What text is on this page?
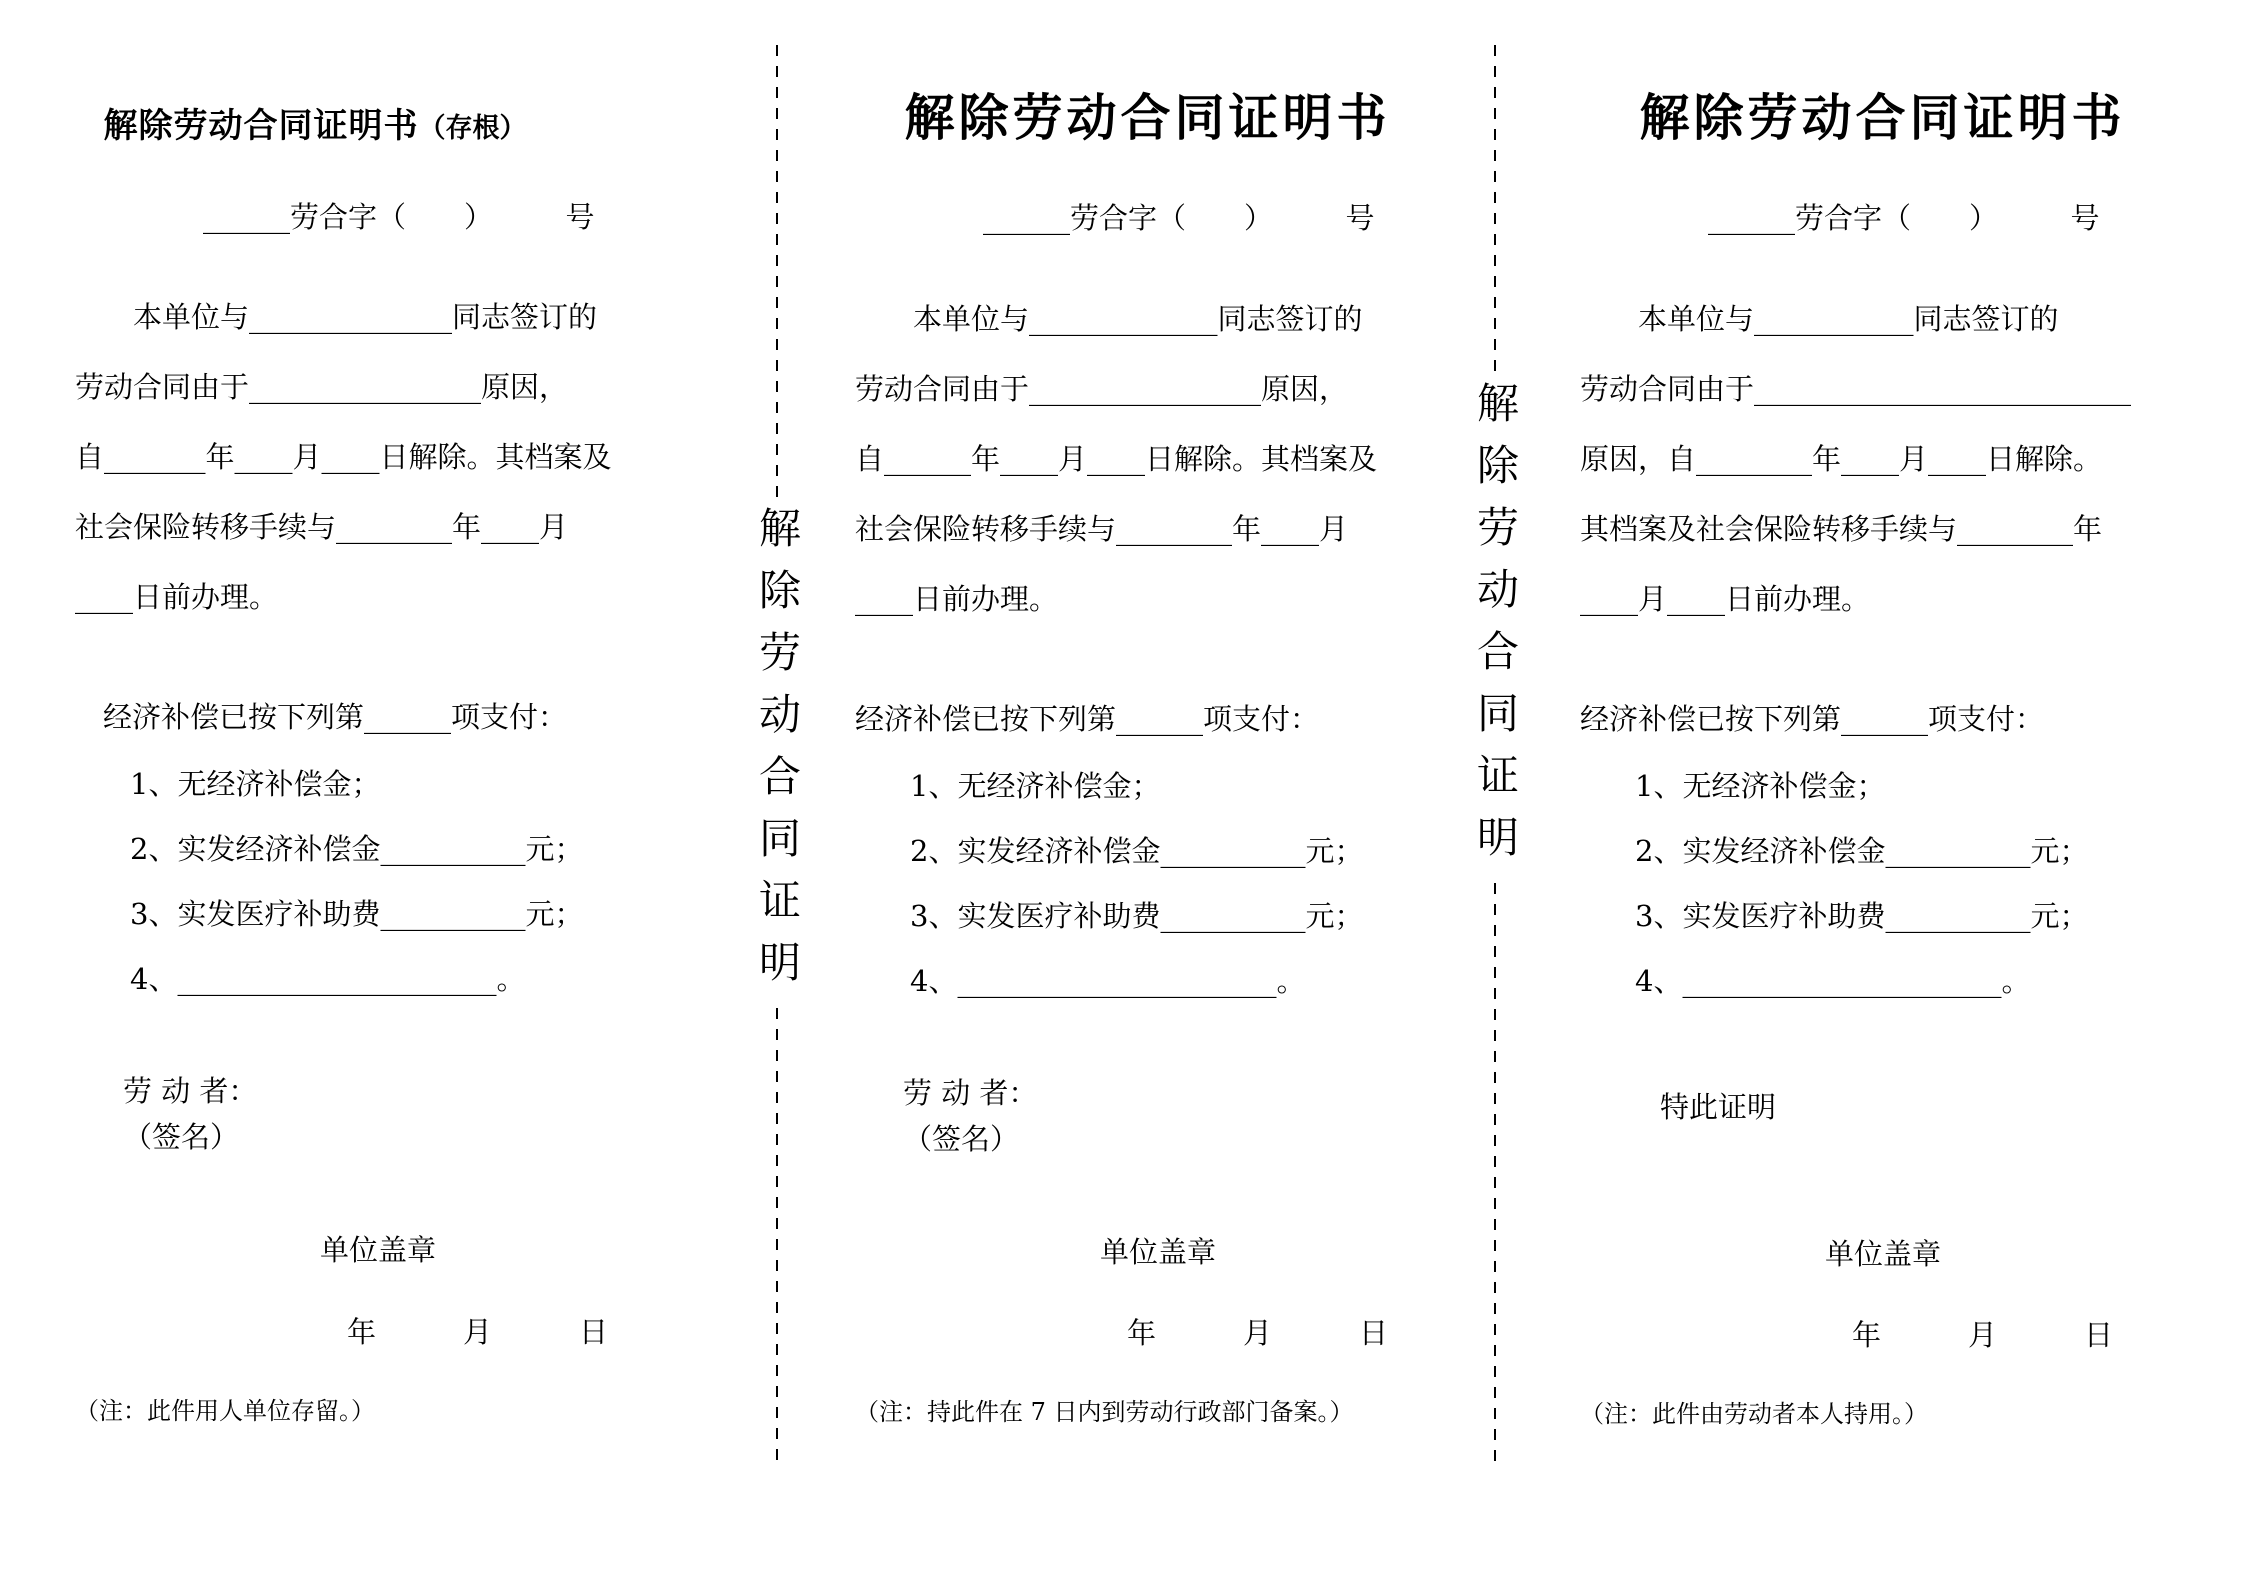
解除劳动合同证明书（存根）
______劳合字（　　）　　　号
本单位与______________同志签订的
劳动合同由于________________原因，
自_______年____月____日解除。其档案及
社会保险转移手续与________年____月
____日前办理。
经济补偿已按下列第______项支付：
1、无经济补偿金；
2、实发经济补偿金__________元；
3、实发医疗补助费__________元；
4、______________________。
劳 动 者：
（签名）
单位盖章
年　　　月　　　日
（注：此件用人单位存留。）
解除劳动合同证明
解除劳动合同证明书
______劳合字（　　）　　　号
本单位与_____________同志签订的
劳动合同由于________________原因，
自______年____月____日解除。其档案及
社会保险转移手续与________年____月
____日前办理。
经济补偿已按下列第______项支付：
1、无经济补偿金；
2、实发经济补偿金__________元；
3、实发医疗补助费__________元；
4、______________________。
劳 动 者：
（签名）
单位盖章
年　　　月　　　日
（注：持此件在 7 日内到劳动行政部门备案。）
解除劳动合同证明
解除劳动合同证明书
______劳合字（　　）　　　号
本单位与___________同志签订的
劳动合同由于__________________________
原因，自________年____月____日解除。
其档案及社会保险转移手续与________年
____月____日前办理。
经济补偿已按下列第______项支付：
1、无经济补偿金；
2、实发经济补偿金__________元；
3、实发医疗补助费__________元；
4、______________________。
特此证明
单位盖章
年　　　月　　　日
（注：此件由劳动者本人持用。）
